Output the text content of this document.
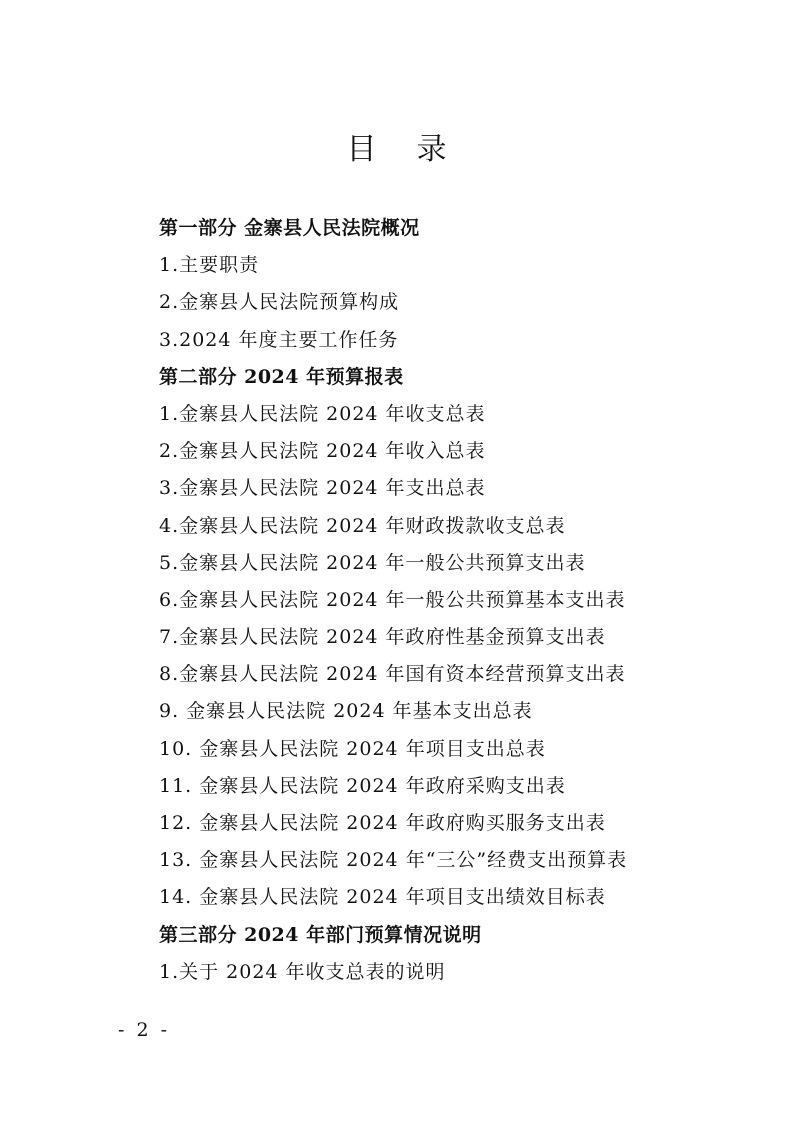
目录
第一部分 金寨县人民法院概况
1.主要职责
2.金寨县人民法院预算构成
3.2024 年度主要工作任务
第二部分 2024 年预算报表
1.金寨县人民法院 2024 年收支总表
2.金寨县人民法院 2024 年收入总表
3.金寨县人民法院 2024 年支出总表
4.金寨县人民法院 2024 年财政拨款收支总表
5.金寨县人民法院 2024 年一般公共预算支出表
6.金寨县人民法院 2024 年一般公共预算基本支出表
7.金寨县人民法院 2024 年政府性基金预算支出表
8.金寨县人民法院 2024 年国有资本经营预算支出表
9. 金寨县人民法院 2024 年基本支出总表
10. 金寨县人民法院 2024 年项目支出总表
11. 金寨县人民法院 2024 年政府采购支出表
12. 金寨县人民法院 2024 年政府购买服务支出表
13. 金寨县人民法院 2024 年“三公”经费支出预算表
14. 金寨县人民法院 2024 年项目支出绩效目标表
第三部分 2024 年部门预算情况说明
1.关于 2024 年收支总表的说明
- 2 -
